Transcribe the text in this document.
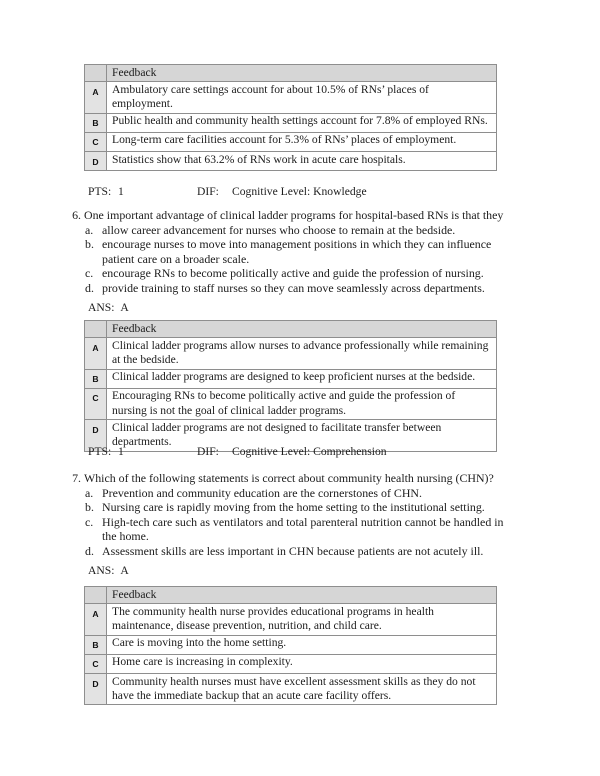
	Feedback
A	Ambulatory care settings account for about 10.5% of RNs’ places of employment.
B	Public health and community health settings account for 7.8% of employed RNs.
C	Long-term care facilities account for 5.3% of RNs’ places of employment.
D	Statistics show that 63.2% of RNs work in acute care hospitals.
PTS: 1	DIF: Cognitive Level: Knowledge
6. One important advantage of clinical ladder programs for hospital-based RNs is that they
a. allow career advancement for nurses who choose to remain at the bedside.
b. encourage nurses to move into management positions in which they can influence patient care on a broader scale.
c. encourage RNs to become politically active and guide the profession of nursing.
d. provide training to staff nurses so they can move seamlessly across departments.
ANS: A
	Feedback
A	Clinical ladder programs allow nurses to advance professionally while remaining at the bedside.
B	Clinical ladder programs are designed to keep proficient nurses at the bedside.
C	Encouraging RNs to become politically active and guide the profession of nursing is not the goal of clinical ladder programs.
D	Clinical ladder programs are not designed to facilitate transfer between departments.
PTS: 1	DIF: Cognitive Level: Comprehension
7. Which of the following statements is correct about community health nursing (CHN)?
a. Prevention and community education are the cornerstones of CHN.
b. Nursing care is rapidly moving from the home setting to the institutional setting.
c. High-tech care such as ventilators and total parenteral nutrition cannot be handled in the home.
d. Assessment skills are less important in CHN because patients are not acutely ill.
ANS: A
	Feedback
A	The community health nurse provides educational programs in health maintenance, disease prevention, nutrition, and child care.
B	Care is moving into the home setting.
C	Home care is increasing in complexity.
D	Community health nurses must have excellent assessment skills as they do not have the immediate backup that an acute care facility offers.
